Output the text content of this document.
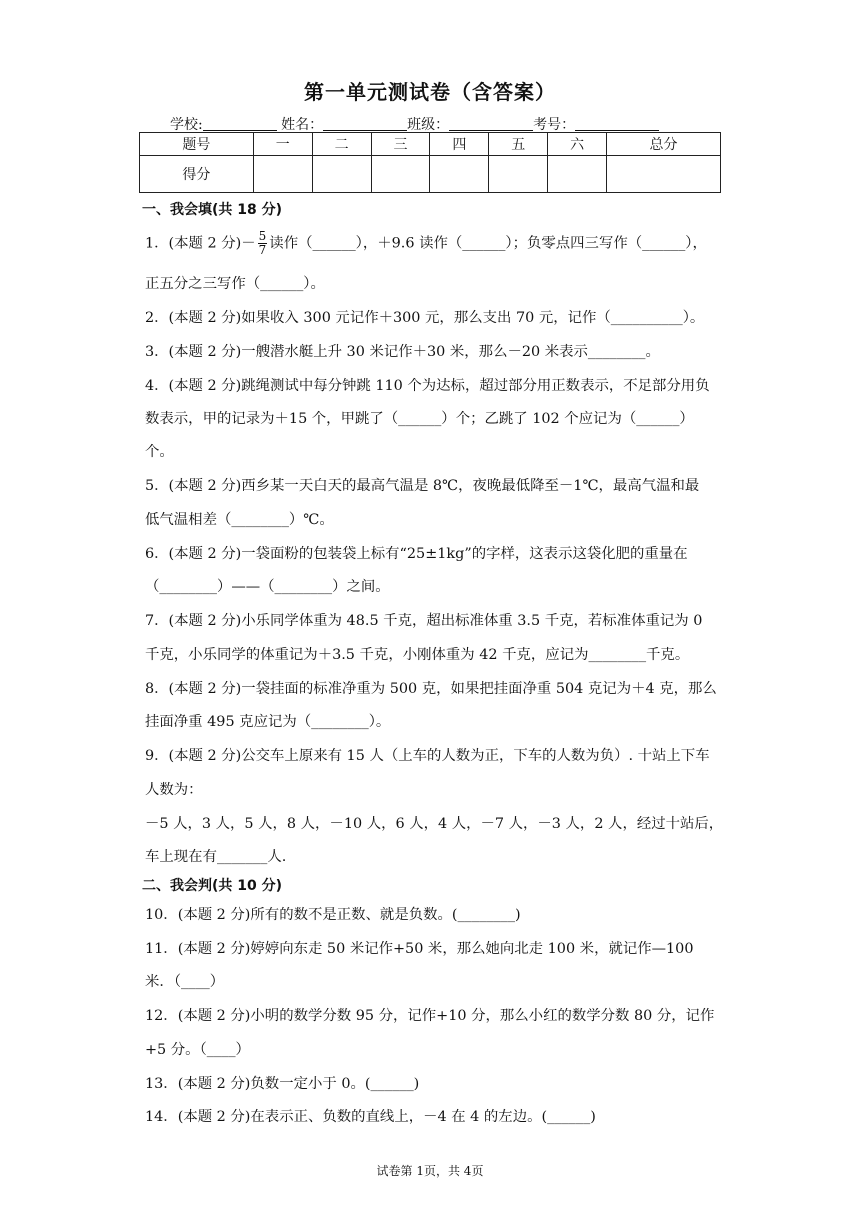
第一单元测试卷（含答案）
学校:	姓名：	班级：	考号：
题号	一	二	三	四	五	六	总分
得分							
一、我会填(共 18 分)
1．(本题 2 分)－ $\frac{5}{7}$ 读作（______），＋9.6 读作（______）；负零点四三写作（______），
正五分之三写作（______）。
2．(本题 2 分)如果收入 300 元记作＋300 元，那么支出 70 元，记作（__________）。
3．(本题 2 分)一艘潜水艇上升 30 米记作＋30 米，那么－20 米表示________。
4．(本题 2 分)跳绳测试中每分钟跳 110 个为达标，超过部分用正数表示，不足部分用负
数表示，甲的记录为＋15 个，甲跳了（______）个；乙跳了 102 个应记为（______）
个。
5．(本题 2 分)西乡某一天白天的最高气温是 8℃，夜晚最低降至－1℃，最高气温和最
低气温相差（________）℃。
6．(本题 2 分)一袋面粉的包装袋上标有“25±1kg”的字样，这表示这袋化肥的重量在
（________）——（________）之间。
7．(本题 2 分)小乐同学体重为 48.5 千克，超出标准体重 3.5 千克，若标准体重记为 0
千克，小乐同学的体重记为＋3.5 千克，小刚体重为 42 千克，应记为________千克。
8．(本题 2 分)一袋挂面的标准净重为 500 克，如果把挂面净重 504 克记为＋4 克，那么
挂面净重 495 克应记为（________）。
9．(本题 2 分)公交车上原来有 15 人（上车的人数为正，下车的人数为负）. 十站上下车
人数为：
－5 人，3 人，5 人，8 人，－10 人，6 人，4 人，－7 人，－3 人，2 人，经过十站后，
车上现在有_______人.
二、我会判(共 10 分)
10．(本题 2 分)所有的数不是正数、就是负数。(________)
11．(本题 2 分)婷婷向东走 50 米记作+50 米，那么她向北走 100 米，就记作—100
米．（____）
12．(本题 2 分)小明的数学分数 95 分，记作+10 分，那么小红的数学分数 80 分，记作
+5 分。（____）
13．(本题 2 分)负数一定小于 0。(______)
14．(本题 2 分)在表示正、负数的直线上，－4 在 4 的左边。(______)
试卷第 1页，共 4页
